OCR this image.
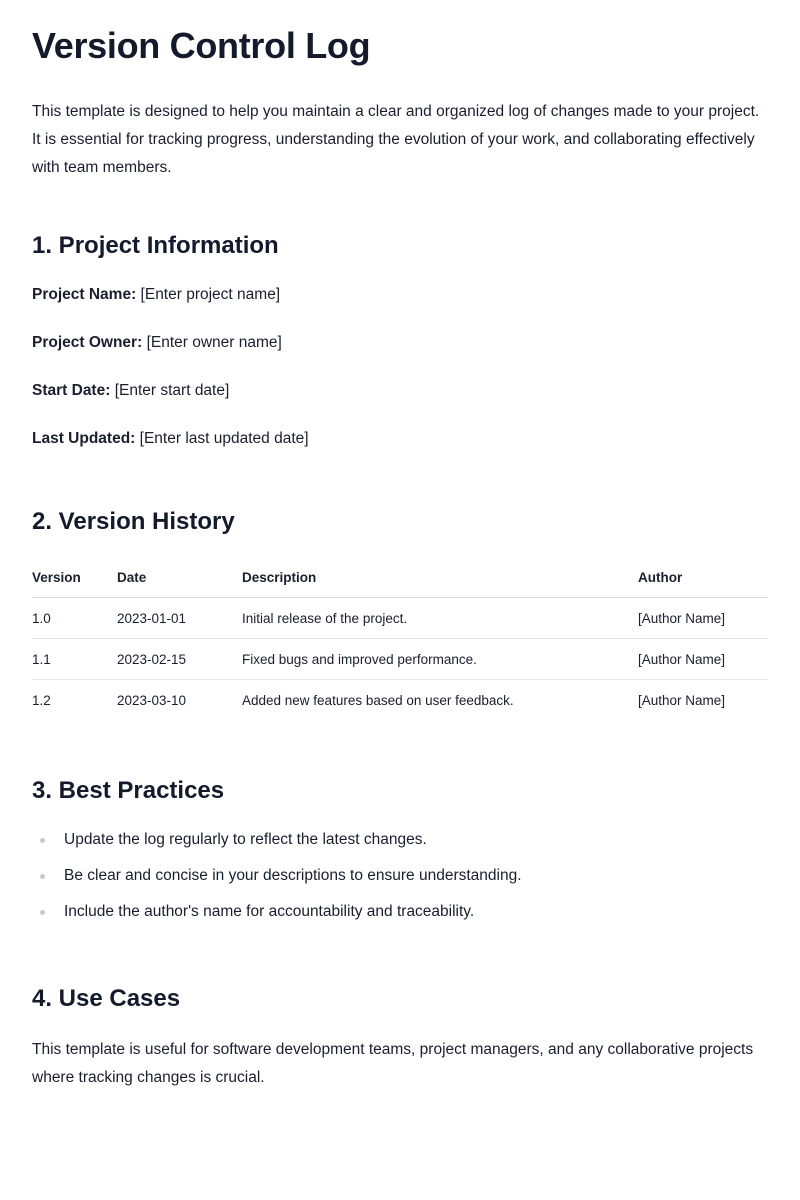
Version Control Log

This template is designed to help you maintain a clear and organized log of changes made to your project. It is essential for tracking progress, understanding the evolution of your work, and collaborating effectively with team members.

1. Project Information

Project Name: [Enter project name]

Project Owner: [Enter owner name]

Start Date: [Enter start date]

Last Updated: [Enter last updated date]

2. Version History
Version	Date	Description	Author
1.0	2023-01-01	Initial release of the project.	[Author Name]
1.1	2023-02-15	Fixed bugs and improved performance.	[Author Name]
1.2	2023-03-10	Added new features based on user feedback.	[Author Name]
3. Best Practices
Update the log regularly to reflect the latest changes.
Be clear and concise in your descriptions to ensure understanding.
Include the author's name for accountability and traceability.
4. Use Cases

This template is useful for software development teams, project managers, and any collaborative projects where tracking changes is crucial.
